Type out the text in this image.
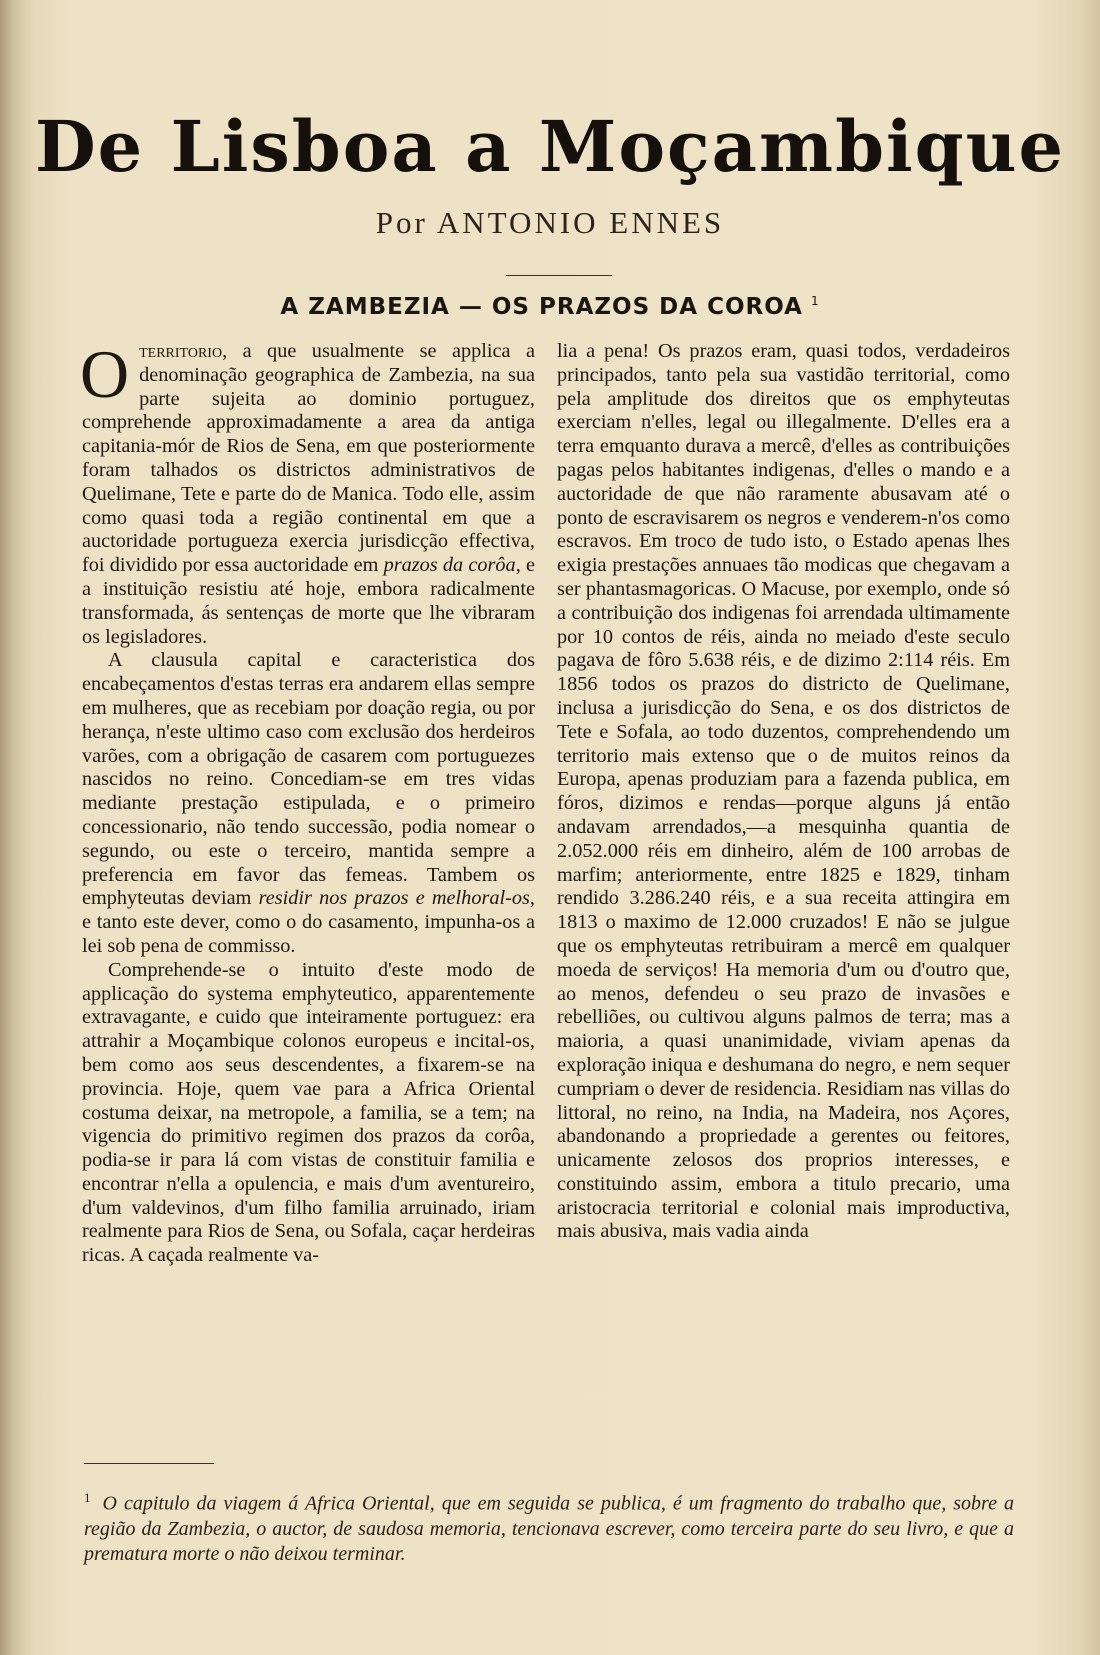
De Lisboa a Moçambique
Por ANTONIO ENNES
A ZAMBEZIA — OS PRAZOS DA COROA $^1$

Oterritorio, a que usualmente se applica a denominação geographica de Zambezia, na sua parte sujeita ao dominio portuguez, comprehende approximadamente a area da antiga capitania-mór de Rios de Sena, em que posteriormente foram talhados os districtos administrativos de Quelimane, Tete e parte do de Manica. Todo elle, assim como quasi toda a região continental em que a auctoridade portugueza exercia jurisdicção effectiva, foi dividido por essa auctoridade em prazos da corôa, e a instituição resistiu até hoje, embora radicalmente transformada, ás sentenças de morte que lhe vibraram os legisladores.

A clausula capital e caracteristica dos encabeçamentos d'estas terras era andarem ellas sempre em mulheres, que as recebiam por doação regia, ou por herança, n'este ultimo caso com exclusão dos herdeiros varões, com a obrigação de casarem com portuguezes nascidos no reino. Concediam-se em tres vidas mediante prestação estipulada, e o primeiro concessionario, não tendo successão, podia nomear o segundo, ou este o terceiro, mantida sempre a preferencia em favor das femeas. Tambem os emphyteutas deviam residir nos prazos e melhoral-os, e tanto este dever, como o do casamento, impunha-os a lei sob pena de commisso.

Comprehende-se o intuito d'este modo de applicação do systema emphyteutico, apparentemente extravagante, e cuido que inteiramente portuguez: era attrahir a Moçambique colonos europeus e incital-os, bem como aos seus descendentes, a fixarem-se na provincia. Hoje, quem vae para a Africa Oriental costuma deixar, na metropole, a familia, se a tem; na vigencia do primitivo regimen dos prazos da corôa, podia-se ir para lá com vistas de constituir familia e encontrar n'ella a opulencia, e mais d'um aventureiro, d'um valdevinos, d'um filho familia arruinado, iriam realmente para Rios de Sena, ou Sofala, caçar herdeiras ricas. A caçada realmente va-

lia a pena! Os prazos eram, quasi todos, verdadeiros principados, tanto pela sua vastidão territorial, como pela amplitude dos direitos que os emphyteutas exerciam n'elles, legal ou illegalmente. D'elles era a terra emquanto durava a mercê, d'elles as contribuições pagas pelos habitantes indigenas, d'elles o mando e a auctoridade de que não raramente abusavam até o ponto de escravisarem os negros e venderem-n'os como escravos. Em troco de tudo isto, o Estado apenas lhes exigia prestações annuaes tão modicas que chegavam a ser phantasmagoricas. O Macuse, por exemplo, onde só a contribuição dos indigenas foi arrendada ultimamente por 10 contos de réis, ainda no meiado d'este seculo pagava de fôro 5.638 réis, e de dizimo 2:114 réis. Em 1856 todos os prazos do districto de Quelimane, inclusa a jurisdicção do Sena, e os dos districtos de Tete e Sofala, ao todo duzentos, comprehendendo um territorio mais extenso que o de muitos reinos da Europa, apenas produziam para a fazenda publica, em fóros, dizimos e rendas—porque alguns já então andavam arrendados,—a mesquinha quantia de 2.052.000 réis em dinheiro, além de 100 arrobas de marfim; anteriormente, entre 1825 e 1829, tinham rendido 3.286.240 réis, e a sua receita attingira em 1813 o maximo de 12.000 cruzados! E não se julgue que os emphyteutas retribuiram a mercê em qualquer moeda de serviços! Ha memoria d'um ou d'outro que, ao menos, defendeu o seu prazo de invasões e rebelliões, ou cultivou alguns palmos de terra; mas a maioria, a quasi unanimidade, viviam apenas da exploração iniqua e deshumana do negro, e nem sequer cumpriam o dever de residencia. Residiam nas villas do littoral, no reino, na India, na Madeira, nos Açores, abandonando a propriedade a gerentes ou feitores, unicamente zelosos dos proprios interesses, e constituindo assim, embora a titulo precario, uma aristocracia territorial e colonial mais improductiva, mais abusiva, mais vadia ainda

$^1$ O capitulo da viagem á Africa Oriental, que em seguida se publica, é um fragmento do trabalho que, sobre a região da Zambezia, o auctor, de saudosa memoria, tencionava escrever, como terceira parte do seu livro, e que a prematura morte o não deixou terminar.
